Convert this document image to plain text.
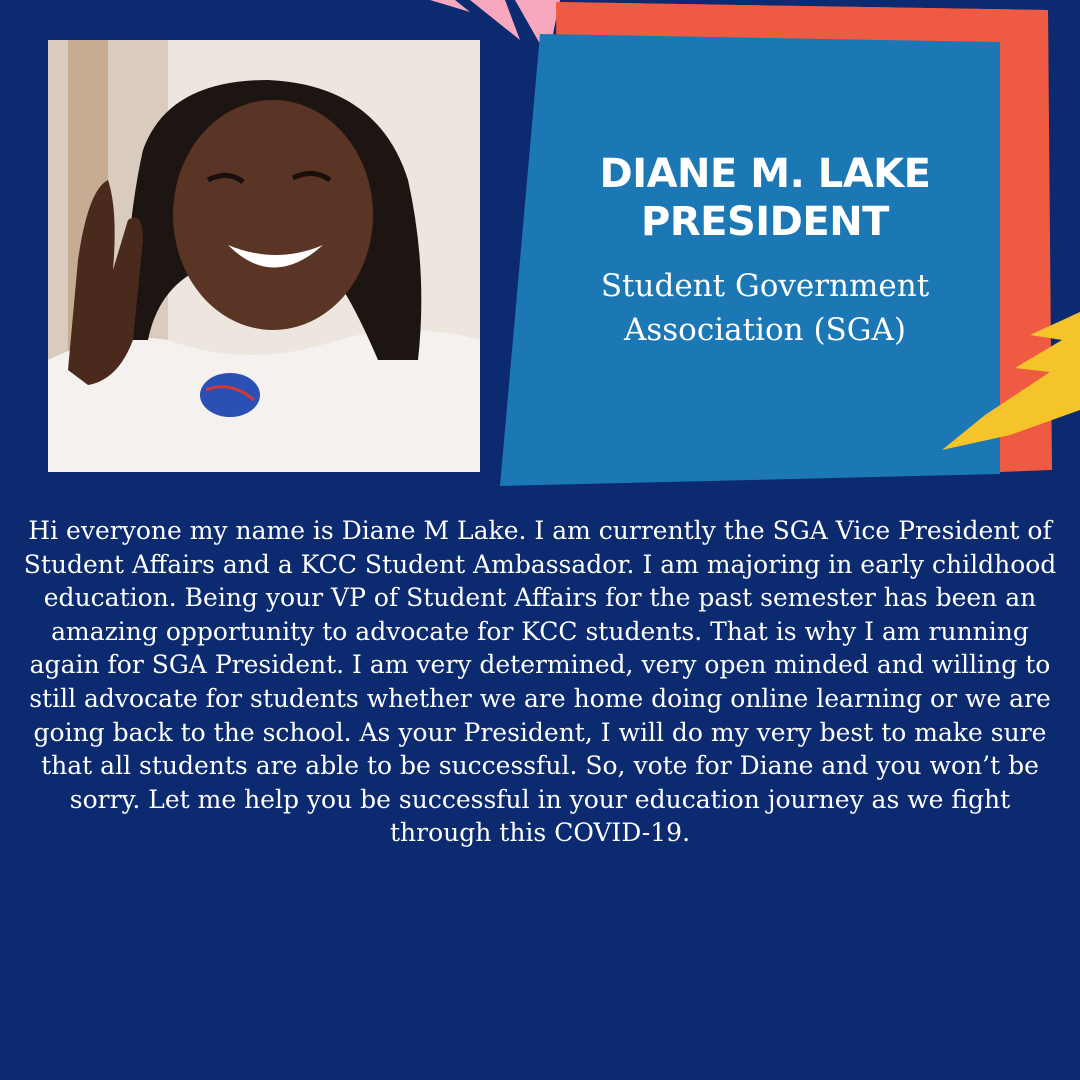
DIANE M. LAKE
PRESIDENT
Student Government
Association (SGA)

Hi everyone my name is Diane M Lake. I am currently the SGA Vice President of Student Affairs and a KCC Student Ambassador. I am majoring in early childhood education. Being your VP of Student Affairs for the past semester has been an amazing opportunity to advocate for KCC students. That is why I am running again for SGA President. I am very determined, very open minded and willing to still advocate for students whether we are home doing online learning or we are going back to the school. As your President, I will do my very best to make sure that all students are able to be successful. So, vote for Diane and you won’t be sorry. Let me help you be successful in your education journey as we fight through this COVID-19.
